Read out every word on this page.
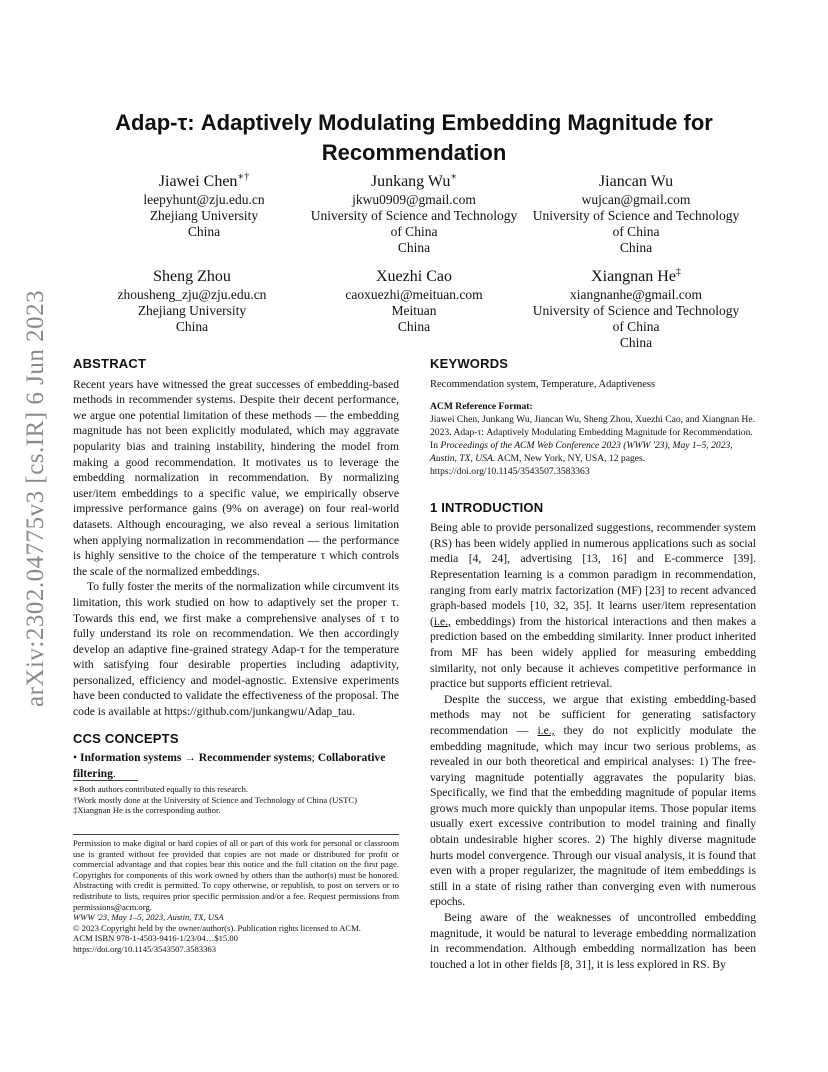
arXiv:2302.04775v3 [cs.IR] 6 Jun 2023
Adap-τ: Adaptively Modulating Embedding Magnitude for Recommendation
Jiawei Chen∗†
leepyhunt@zju.edu.cn
Zhejiang University
China
Junkang Wu∗
jkwu0909@gmail.com
University of Science and Technology
of China
China
Jiancan Wu
wujcan@gmail.com
University of Science and Technology
of China
China
Sheng Zhou
zhousheng_zju@zju.edu.cn
Zhejiang University
China
Xuezhi Cao
caoxuezhi@meituan.com
Meituan
China
Xiangnan He‡
xiangnanhe@gmail.com
University of Science and Technology
of China
China

ABSTRACT

Recent years have witnessed the great successes of embedding-based methods in recommender systems. Despite their decent performance, we argue one potential limitation of these methods — the embedding magnitude has not been explicitly modulated, which may aggravate popularity bias and training instability, hindering the model from making a good recommendation. It motivates us to leverage the embedding normalization in recommendation. By normalizing user/item embeddings to a specific value, we empirically observe impressive performance gains (9% on average) on four real-world datasets. Although encouraging, we also reveal a serious limitation when applying normalization in recommendation — the performance is highly sensitive to the choice of the temperature τ which controls the scale of the normalized embeddings.

To fully foster the merits of the normalization while circumvent its limitation, this work studied on how to adaptively set the proper τ. Towards this end, we first make a comprehensive analyses of τ to fully understand its role on recommendation. We then accordingly develop an adaptive fine-grained strategy Adap-τ for the temperature with satisfying four desirable properties including adaptivity, personalized, efficiency and model-agnostic. Extensive experiments have been conducted to validate the effectiveness of the proposal. The code is available at https://github.com/junkangwu/Adap_tau.

CCS CONCEPTS

• Information systems → Recommender systems; Collaborative filtering.

∗Both authors contributed equally to this research.

†Work mostly done at the University of Science and Technology of China (USTC)

‡Xiangnan He is the corresponding author.

Permission to make digital or hard copies of all or part of this work for personal or classroom use is granted without fee provided that copies are not made or distributed for profit or commercial advantage and that copies bear this notice and the full citation on the first page. Copyrights for components of this work owned by others than the author(s) must be honored. Abstracting with credit is permitted. To copy otherwise, or republish, to post on servers or to redistribute to lists, requires prior specific permission and/or a fee. Request permissions from permissions@acm.org.

WWW '23, May 1–5, 2023, Austin, TX, USA

© 2023 Copyright held by the owner/author(s). Publication rights licensed to ACM.

ACM ISBN 978-1-4503-9416-1/23/04…$15.00

https://doi.org/10.1145/3543507.3583363

KEYWORDS

Recommendation system, Temperature, Adaptiveness

ACM Reference Format:

Jiawei Chen, Junkang Wu, Jiancan Wu, Sheng Zhou, Xuezhi Cao, and Xiangnan He. 2023. Adap-τ: Adaptively Modulating Embedding Magnitude for Recommendation. In Proceedings of the ACM Web Conference 2023 (WWW '23), May 1–5, 2023, Austin, TX, USA. ACM, New York, NY, USA, 12 pages. https://doi.org/10.1145/3543507.3583363

1 INTRODUCTION

Being able to provide personalized suggestions, recommender system (RS) has been widely applied in numerous applications such as social media [4, 24], advertising [13, 16] and E-commerce [39]. Representation learning is a common paradigm in recommendation, ranging from early matrix factorization (MF) [23] to recent advanced graph-based models [10, 32, 35]. It learns user/item representation (i.e., embeddings) from the historical interactions and then makes a prediction based on the embedding similarity. Inner product inherited from MF has been widely applied for measuring embedding similarity, not only because it achieves competitive performance in practice but supports efficient retrieval.

Despite the success, we argue that existing embedding-based methods may not be sufficient for generating satisfactory recommendation — i.e., they do not explicitly modulate the embedding magnitude, which may incur two serious problems, as revealed in our both theoretical and empirical analyses: 1) The free-varying magnitude potentially aggravates the popularity bias. Specifically, we find that the embedding magnitude of popular items grows much more quickly than unpopular items. Those popular items usually exert excessive contribution to model training and finally obtain undesirable higher scores. 2) The highly diverse magnitude hurts model convergence. Through our visual analysis, it is found that even with a proper regularizer, the magnitude of item embeddings is still in a state of rising rather than converging even with numerous epochs.

Being aware of the weaknesses of uncontrolled embedding magnitude, it would be natural to leverage embedding normalization in recommendation. Although embedding normalization has been touched a lot in other fields [8, 31], it is less explored in RS. By
